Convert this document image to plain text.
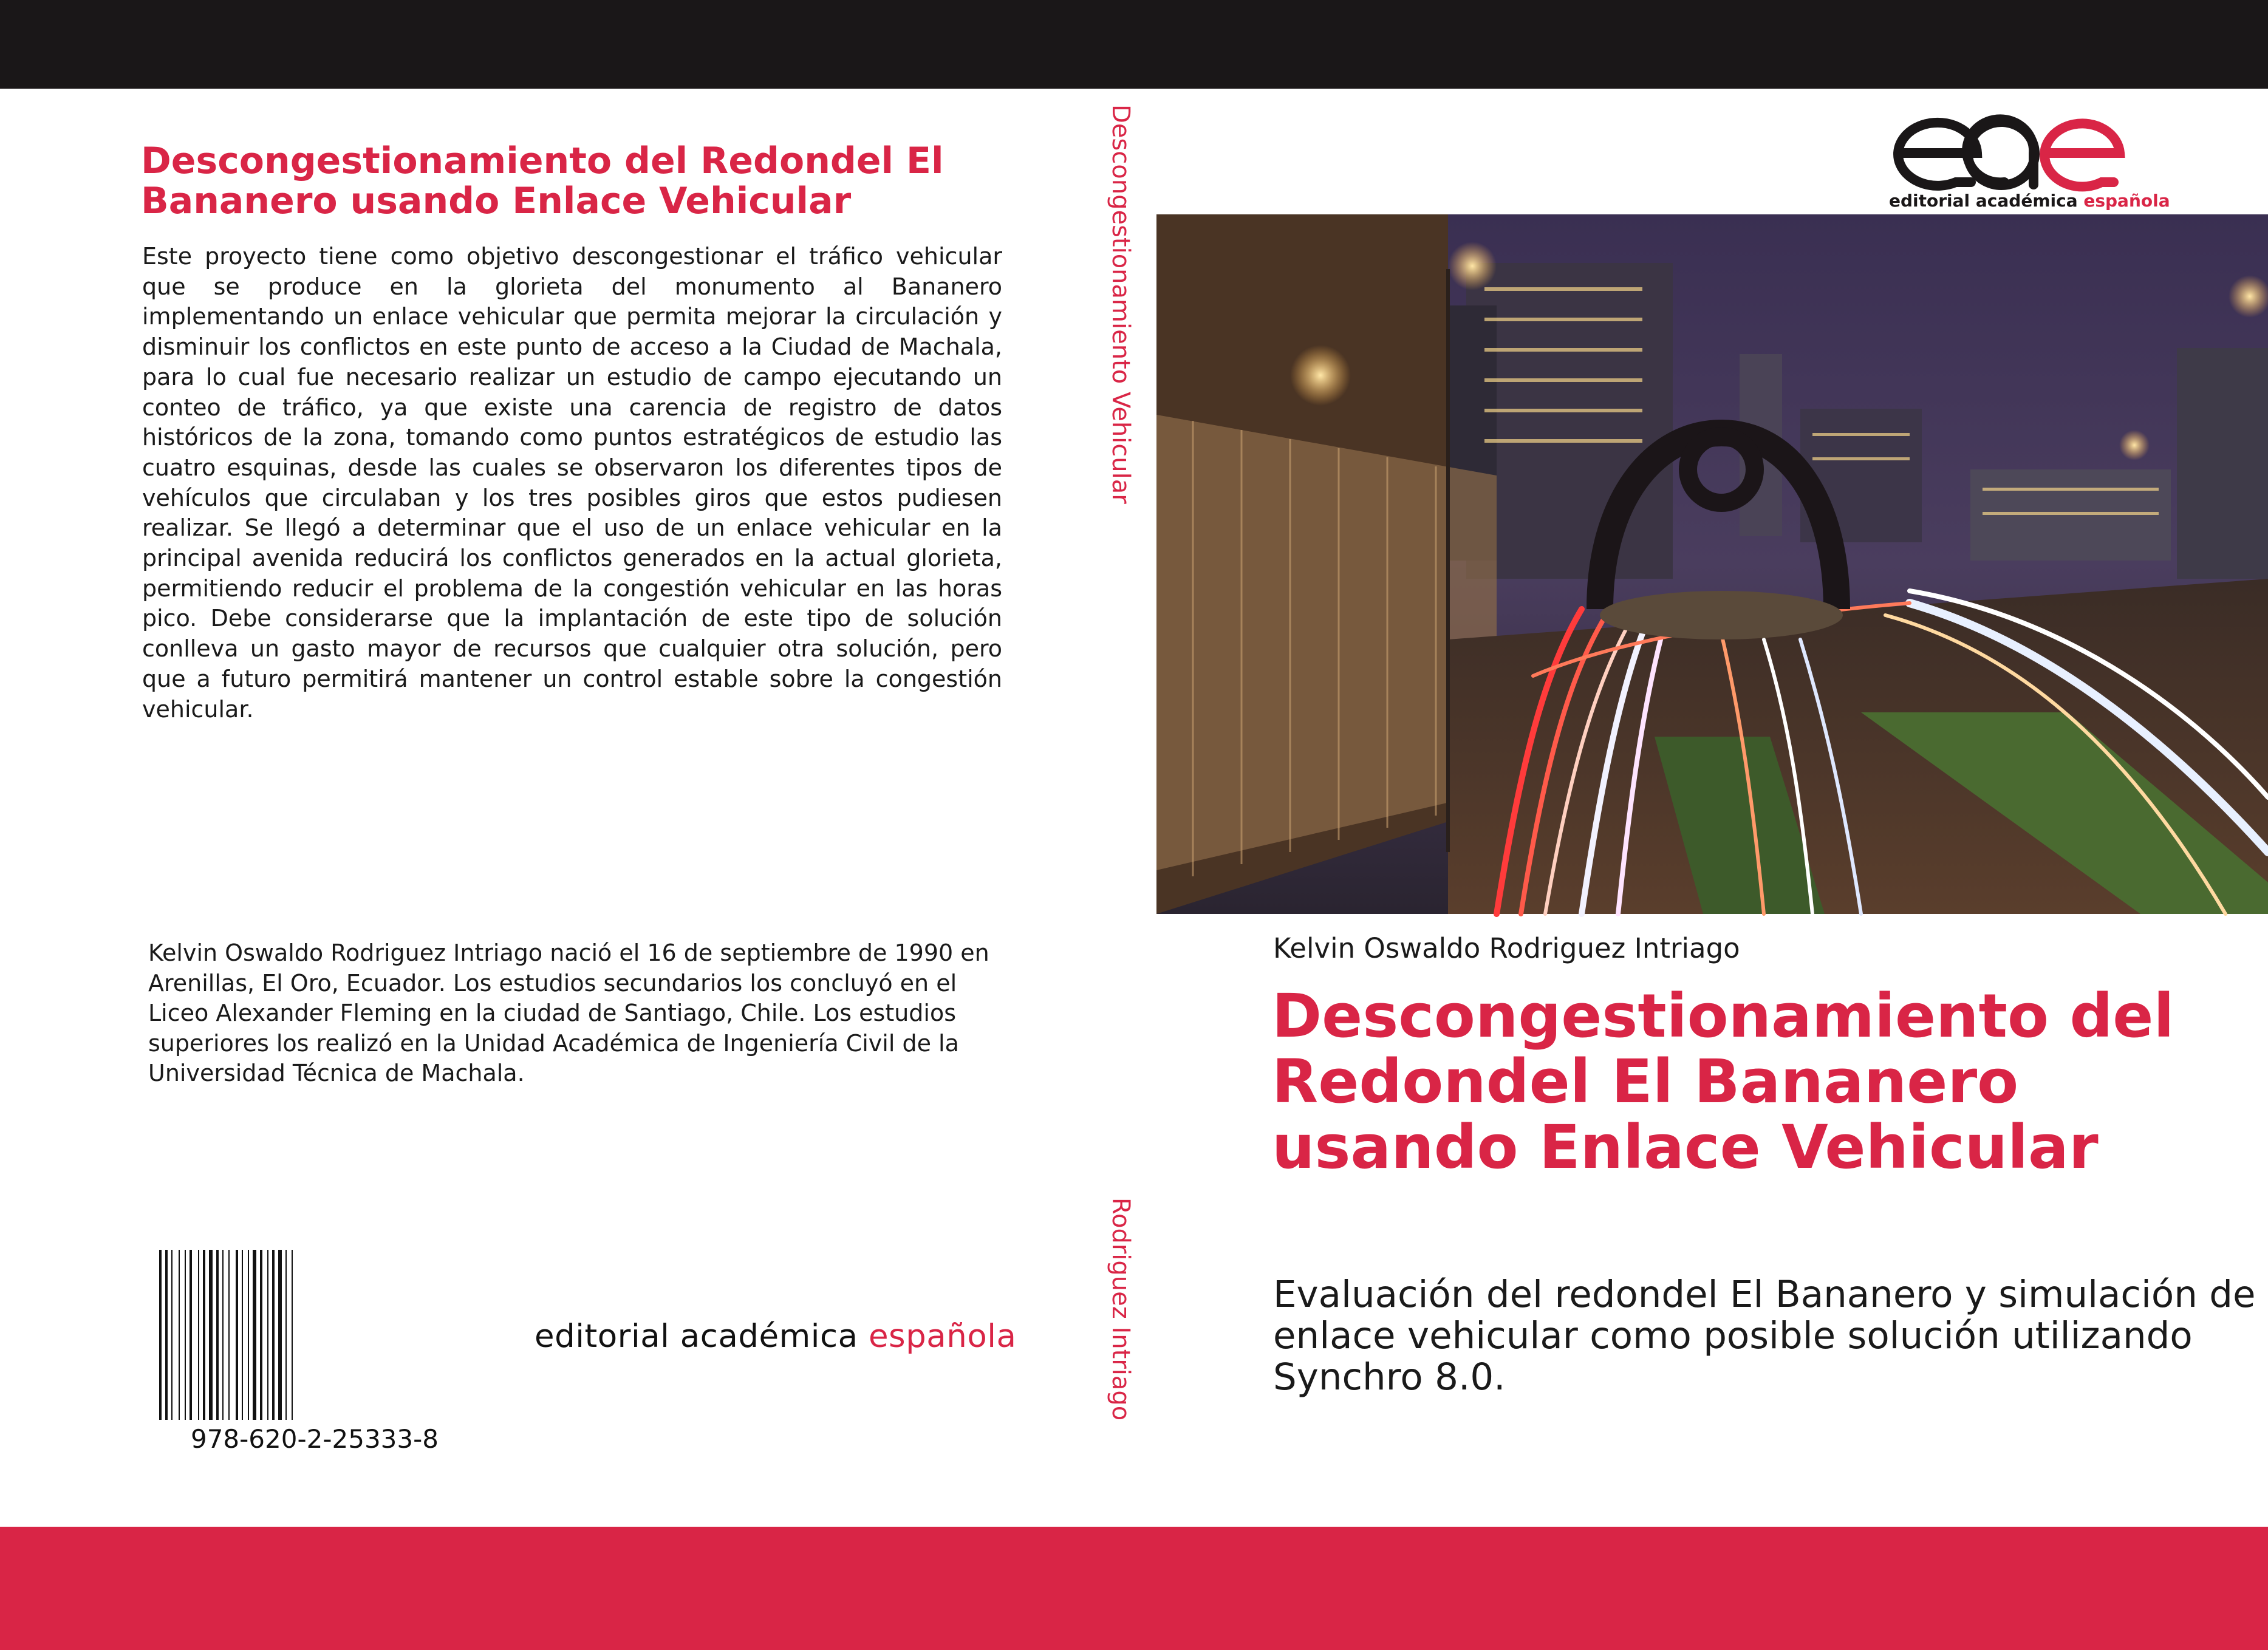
Descongestionamiento del Redondel El Bananero usando Enlace Vehicular

Este proyecto tiene como objetivo descongestionar el tráfico vehicular que se produce en la glorieta del monumento al Bananero implementando un enlace vehicular que permita mejorar la circulación y disminuir los conflictos en este punto de acceso a la Ciudad de Machala, para lo cual fue necesario realizar un estudio de campo ejecutando un conteo de tráfico, ya que existe una carencia de registro de datos históricos de la zona, tomando como puntos estratégicos de estudio las cuatro esquinas, desde las cuales se observaron los diferentes tipos de vehículos que circulaban y los tres posibles giros que estos pudiesen realizar. Se llegó a determinar que el uso de un enlace vehicular en la principal avenida reducirá los conflictos generados en la actual glorieta, permitiendo reducir el problema de la congestión vehicular en las horas pico. Debe considerarse que la implantación de este tipo de solución conlleva un gasto mayor de recursos que cualquier otra solución, pero que a futuro permitirá mantener un control estable sobre la congestión vehicular.

Kelvin Oswaldo Rodriguez Intriago nació el 16 de septiembre de 1990 en Arenillas, El Oro, Ecuador. Los estudios secundarios los concluyó en el Liceo Alexander Fleming en la ciudad de Santiago, Chile. Los estudios superiores los realizó en la Unidad Académica de Ingeniería Civil de la Universidad Técnica de Machala.

978-620-2-25333-8
editorial académica española
Descongestionamiento Vehicular
Rodriguez Intriago
editorial académica española
Kelvin Oswaldo Rodriguez Intriago
Descongestionamiento del Redondel El Bananero usando Enlace Vehicular

Evaluación del redondel El Bananero y simulación de enlace vehicular como posible solución utilizando Synchro 8.0.
